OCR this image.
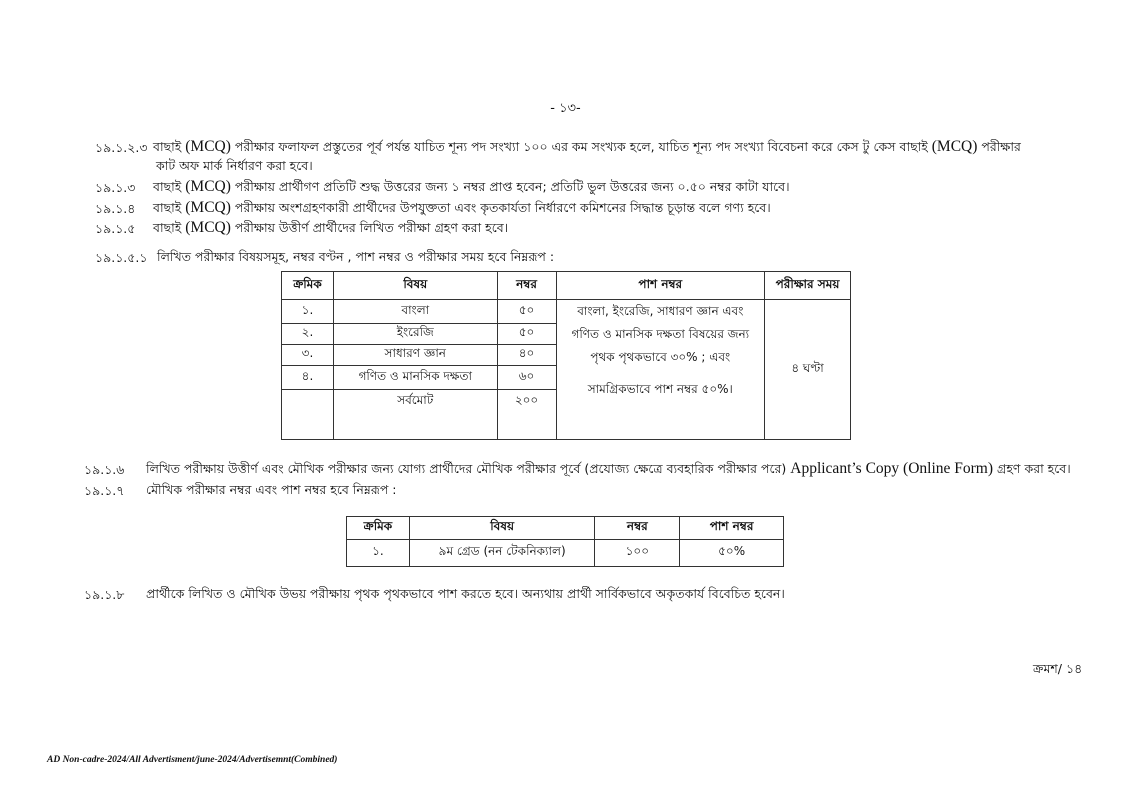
- ১৩-
১৯.১.২.৩ বাছাই (MCQ) পরীক্ষার ফলাফল প্রস্তুতের পূর্ব পর্যন্ত যাচিত শূন্য পদ সংখ্যা ১০০ এর কম সংখ্যক হলে, যাচিত শূন্য পদ সংখ্যা বিবেচনা করে কেস টু কেস বাছাই (MCQ) পরীক্ষার
কাট অফ মার্ক নির্ধারণ করা হবে।
১৯.১.৩ বাছাই (MCQ) পরীক্ষায় প্রার্থীগণ প্রতিটি শুদ্ধ উত্তরের জন্য ১ নম্বর প্রাপ্ত হবেন; প্রতিটি ভুল উত্তরের জন্য ০.৫০ নম্বর কাটা যাবে।
১৯.১.৪ বাছাই (MCQ) পরীক্ষায় অংশগ্রহণকারী প্রার্থীদের উপযুক্ততা এবং কৃতকার্যতা নির্ধারণে কমিশনের সিদ্ধান্ত চূড়ান্ত বলে গণ্য হবে।
১৯.১.৫ বাছাই (MCQ) পরীক্ষায় উত্তীর্ণ প্রার্থীদের লিখিত পরীক্ষা গ্রহণ করা হবে।
১৯.১.৫.১ লিখিত পরীক্ষার বিষয়সমূহ, নম্বর বণ্টন , পাশ নম্বর ও পরীক্ষার সময় হবে নিম্নরূপ :
ক্রমিক	বিষয়	নম্বর	পাশ নম্বর	পরীক্ষার সময়
১.	বাংলা	৫০	বাংলা, ইংরেজি, সাধারণ জ্ঞান এবং
গণিত ও মানসিক দক্ষতা বিষয়ের জন্য
পৃথক পৃথকভাবে ৩০% ; এবং
সামগ্রিকভাবে পাশ নম্বর ৫০%।	৪ ঘণ্টা
২.	ইংরেজি	৫০		
৩.	সাধারণ জ্ঞান	৪০		
৪.	গণিত ও মানসিক দক্ষতা	৬০		
	সর্বমোট	২০০		
১৯.১.৬ লিখিত পরীক্ষায় উত্তীর্ণ এবং মৌখিক পরীক্ষার জন্য যোগ্য প্রার্থীদের মৌখিক পরীক্ষার পূর্বে (প্রযোজ্য ক্ষেত্রে ব্যবহারিক পরীক্ষার পরে) Applicant’s Copy (Online Form) গ্রহণ করা হবে।
১৯.১.৭ মৌখিক পরীক্ষার নম্বর এবং পাশ নম্বর হবে নিম্নরূপ :
ক্রমিক	বিষয়	নম্বর	পাশ নম্বর
১.	৯ম গ্রেড (নন টেকনিক্যাল)	১০০	৫০%
১৯.১.৮ প্রার্থীকে লিখিত ও মৌখিক উভয় পরীক্ষায় পৃথক পৃথকভাবে পাশ করতে হবে। অন্যথায় প্রার্থী সার্বিকভাবে অকৃতকার্য বিবেচিত হবেন।
ক্রমশ/ ১৪
AD Non-cadre-2024/All Advertisment/june-2024/Advertisemnt(Combined)
